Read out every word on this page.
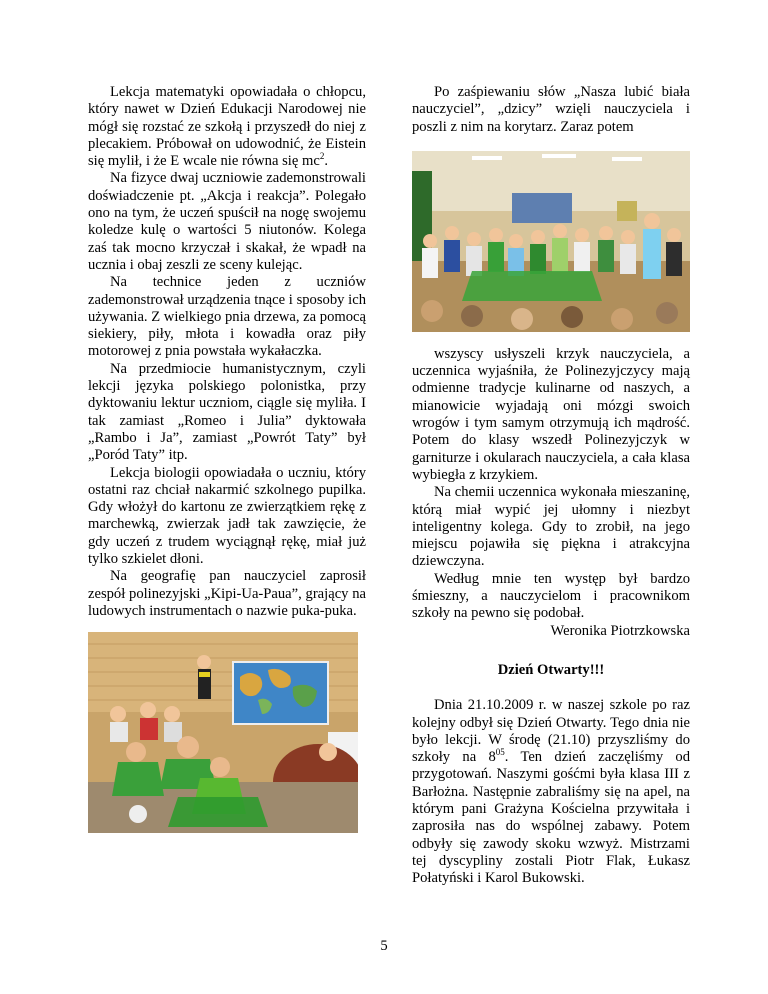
Lekcja matematyki opowiadała o chłopcu, który nawet w Dzień Edukacji Narodowej nie mógł się rozstać ze szkołą i przyszedł do niej z plecakiem. Próbował on udowodnić, że Eistein się mylił, i że E wcale nie równa się $mc^2$.

Na fizyce dwaj uczniowie zademonstrowali doświadczenie pt. „Akcja i reakcja”. Polegało ono na tym, że uczeń spuścił na nogę swojemu koledze kulę o wartości 5 niutonów. Kolega zaś tak mocno krzyczał i skakał, że wpadł na ucznia i obaj zeszli ze sceny kulejąc.

Na technice jeden z uczniów zademonstrował urządzenia tnące i sposoby ich używania. Z wielkiego pnia drzewa, za pomocą siekiery, piły, młota i kowadła oraz piły motorowej z pnia powstała wykałaczka.

Na przedmiocie humanistycznym, czyli lekcji języka polskiego polonistka, przy dyktowaniu lektur uczniom, ciągle się myliła. I tak zamiast „Romeo i Julia” dyktowała „Rambo i Ja”, zamiast „Powrót Taty” był „Poród Taty” itp.

Lekcja biologii opowiadała o uczniu, który ostatni raz chciał nakarmić szkolnego pupilka. Gdy włożył do kartonu ze zwierzątkiem rękę z marchewką, zwierzak jadł tak zawzięcie, że gdy uczeń z trudem wyciągnął rękę, miał już tylko szkielet dłoni.

Na geografię pan nauczyciel zaprosił zespół polinezyjski „Kipi-Ua-Paua”, grający na ludowych instrumentach o nazwie puka-puka.

Po zaśpiewaniu słów „Nasza lubić biała nauczyciel”, „dzicy” wzięli nauczyciela i poszli z nim na korytarz. Zaraz potem

wszyscy usłyszeli krzyk nauczyciela, a uczennica wyjaśniła, że Polinezyjczycy mają odmienne tradycje kulinarne od naszych, a mianowicie wyjadają oni mózgi swoich wrogów i tym samym otrzymują ich mądrość. Potem do klasy wszedł Polinezyjczyk w garniturze i okularach nauczyciela, a cała klasa wybiegła z krzykiem.

Na chemii uczennica wykonała mieszaninę, którą miał wypić jej ułomny i niezbyt inteligentny kolega. Gdy to zrobił, na jego miejscu pojawiła się piękna i atrakcyjna dziewczyna.

Według mnie ten występ był bardzo śmieszny, a nauczycielom i pracownikom szkoły na pewno się podobał.

Weronika Piotrzkowska

Dzień Otwarty!!!

Dnia 21.10.2009 r. w naszej szkole po raz kolejny odbył się Dzień Otwarty. Tego dnia nie było lekcji. W środę (21.10) przyszliśmy do szkoły na $8^{05}$. Ten dzień zaczęliśmy od przygotowań. Naszymi gośćmi była klasa III z Barłożna. Następnie zabraliśmy się na apel, na którym pani Grażyna Kościelna przywitała i zaprosiła nas do wspólnej zabawy. Potem odbyły się zawody skoku wzwyż. Mistrzami tej dyscypliny zostali Piotr Flak, Łukasz Połatyński i Karol Bukowski.

5
